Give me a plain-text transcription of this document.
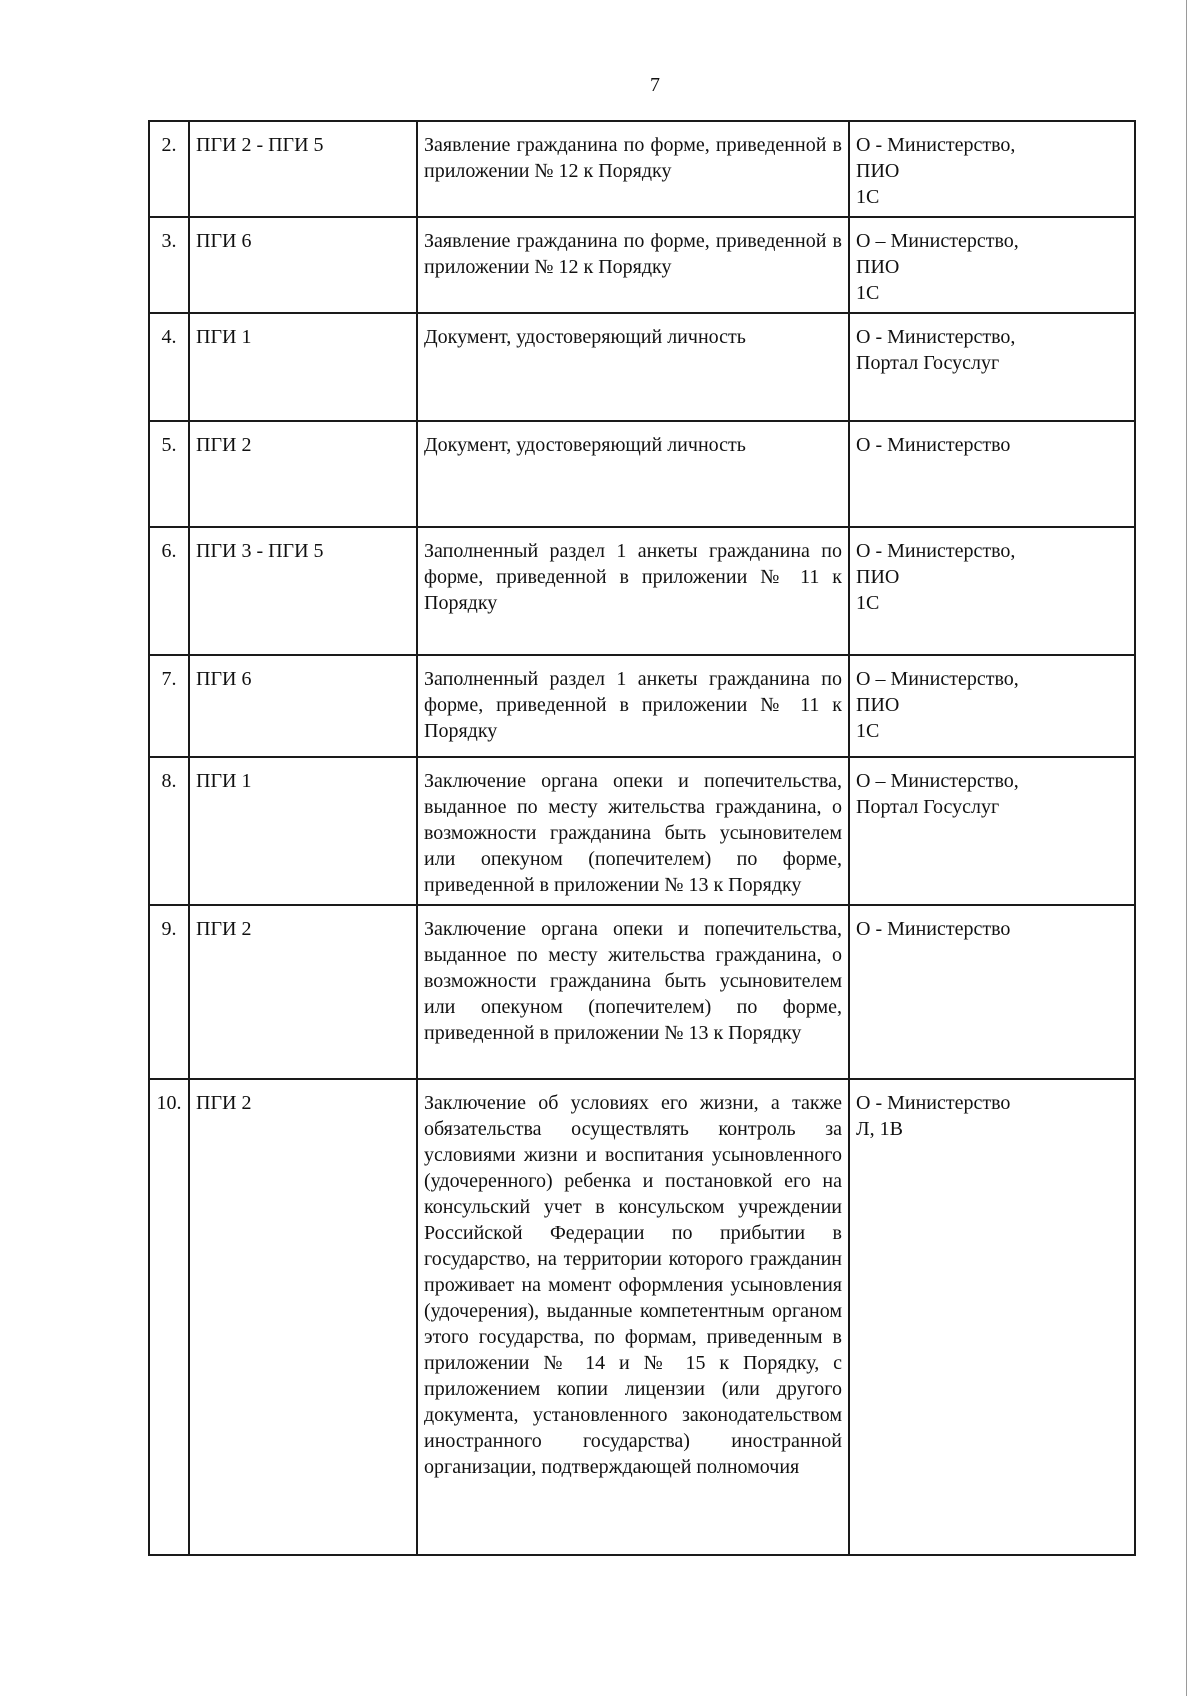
7
2.	ПГИ 2 - ПГИ 5	Заявление гражданина по форме, приведенной в приложении № 12 к Порядку	О - Министерство,
ПИО
1С

3.	ПГИ 6	Заявление гражданина по форме, приведенной в приложении № 12 к Порядку	О – Министерство,
ПИО
1С

4.	ПГИ 1	Документ, удостоверяющий личность	О - Министерство,
Портал Госуслуг

5.	ПГИ 2	Документ, удостоверяющий личность	О - Министерство

6.	ПГИ 3 - ПГИ 5	Заполненный раздел 1 анкеты гражданина по форме, приведенной в приложении № 11 к Порядку	О - Министерство,
ПИО
1С

7.	ПГИ 6	Заполненный раздел 1 анкеты гражданина по форме, приведенной в приложении № 11 к Порядку	О – Министерство,
ПИО
1С

8.	ПГИ 1	Заключение органа опеки и попечительства, выданное по месту жительства гражданина, о возможности гражданина быть усыновителем или опекуном (попечителем) по форме, приведенной в приложении № 13 к Порядку	О – Министерство,
Портал Госуслуг

9.	ПГИ 2	Заключение органа опеки и попечительства, выданное по месту жительства гражданина, о возможности гражданина быть усыновителем или опекуном (попечителем) по форме, приведенной в приложении № 13 к Порядку	О - Министерство

10.	ПГИ 2	Заключение об условиях его жизни, а также обязательства осуществлять контроль за условиями жизни и воспитания усыновленного (удочеренного) ребенка и постановкой его на консульский учет в консульском учреждении Российской Федерации по прибытии в государство, на территории которого гражданин проживает на момент оформления усыновления (удочерения), выданные компетентным органом этого государства, по формам, приведенным в приложении № 14 и № 15 к Порядку, с приложением копии лицензии (или другого документа, установленного законодательством иностранного государства) иностранной организации, подтверждающей полномочия	О - Министерство
Л, 1В
